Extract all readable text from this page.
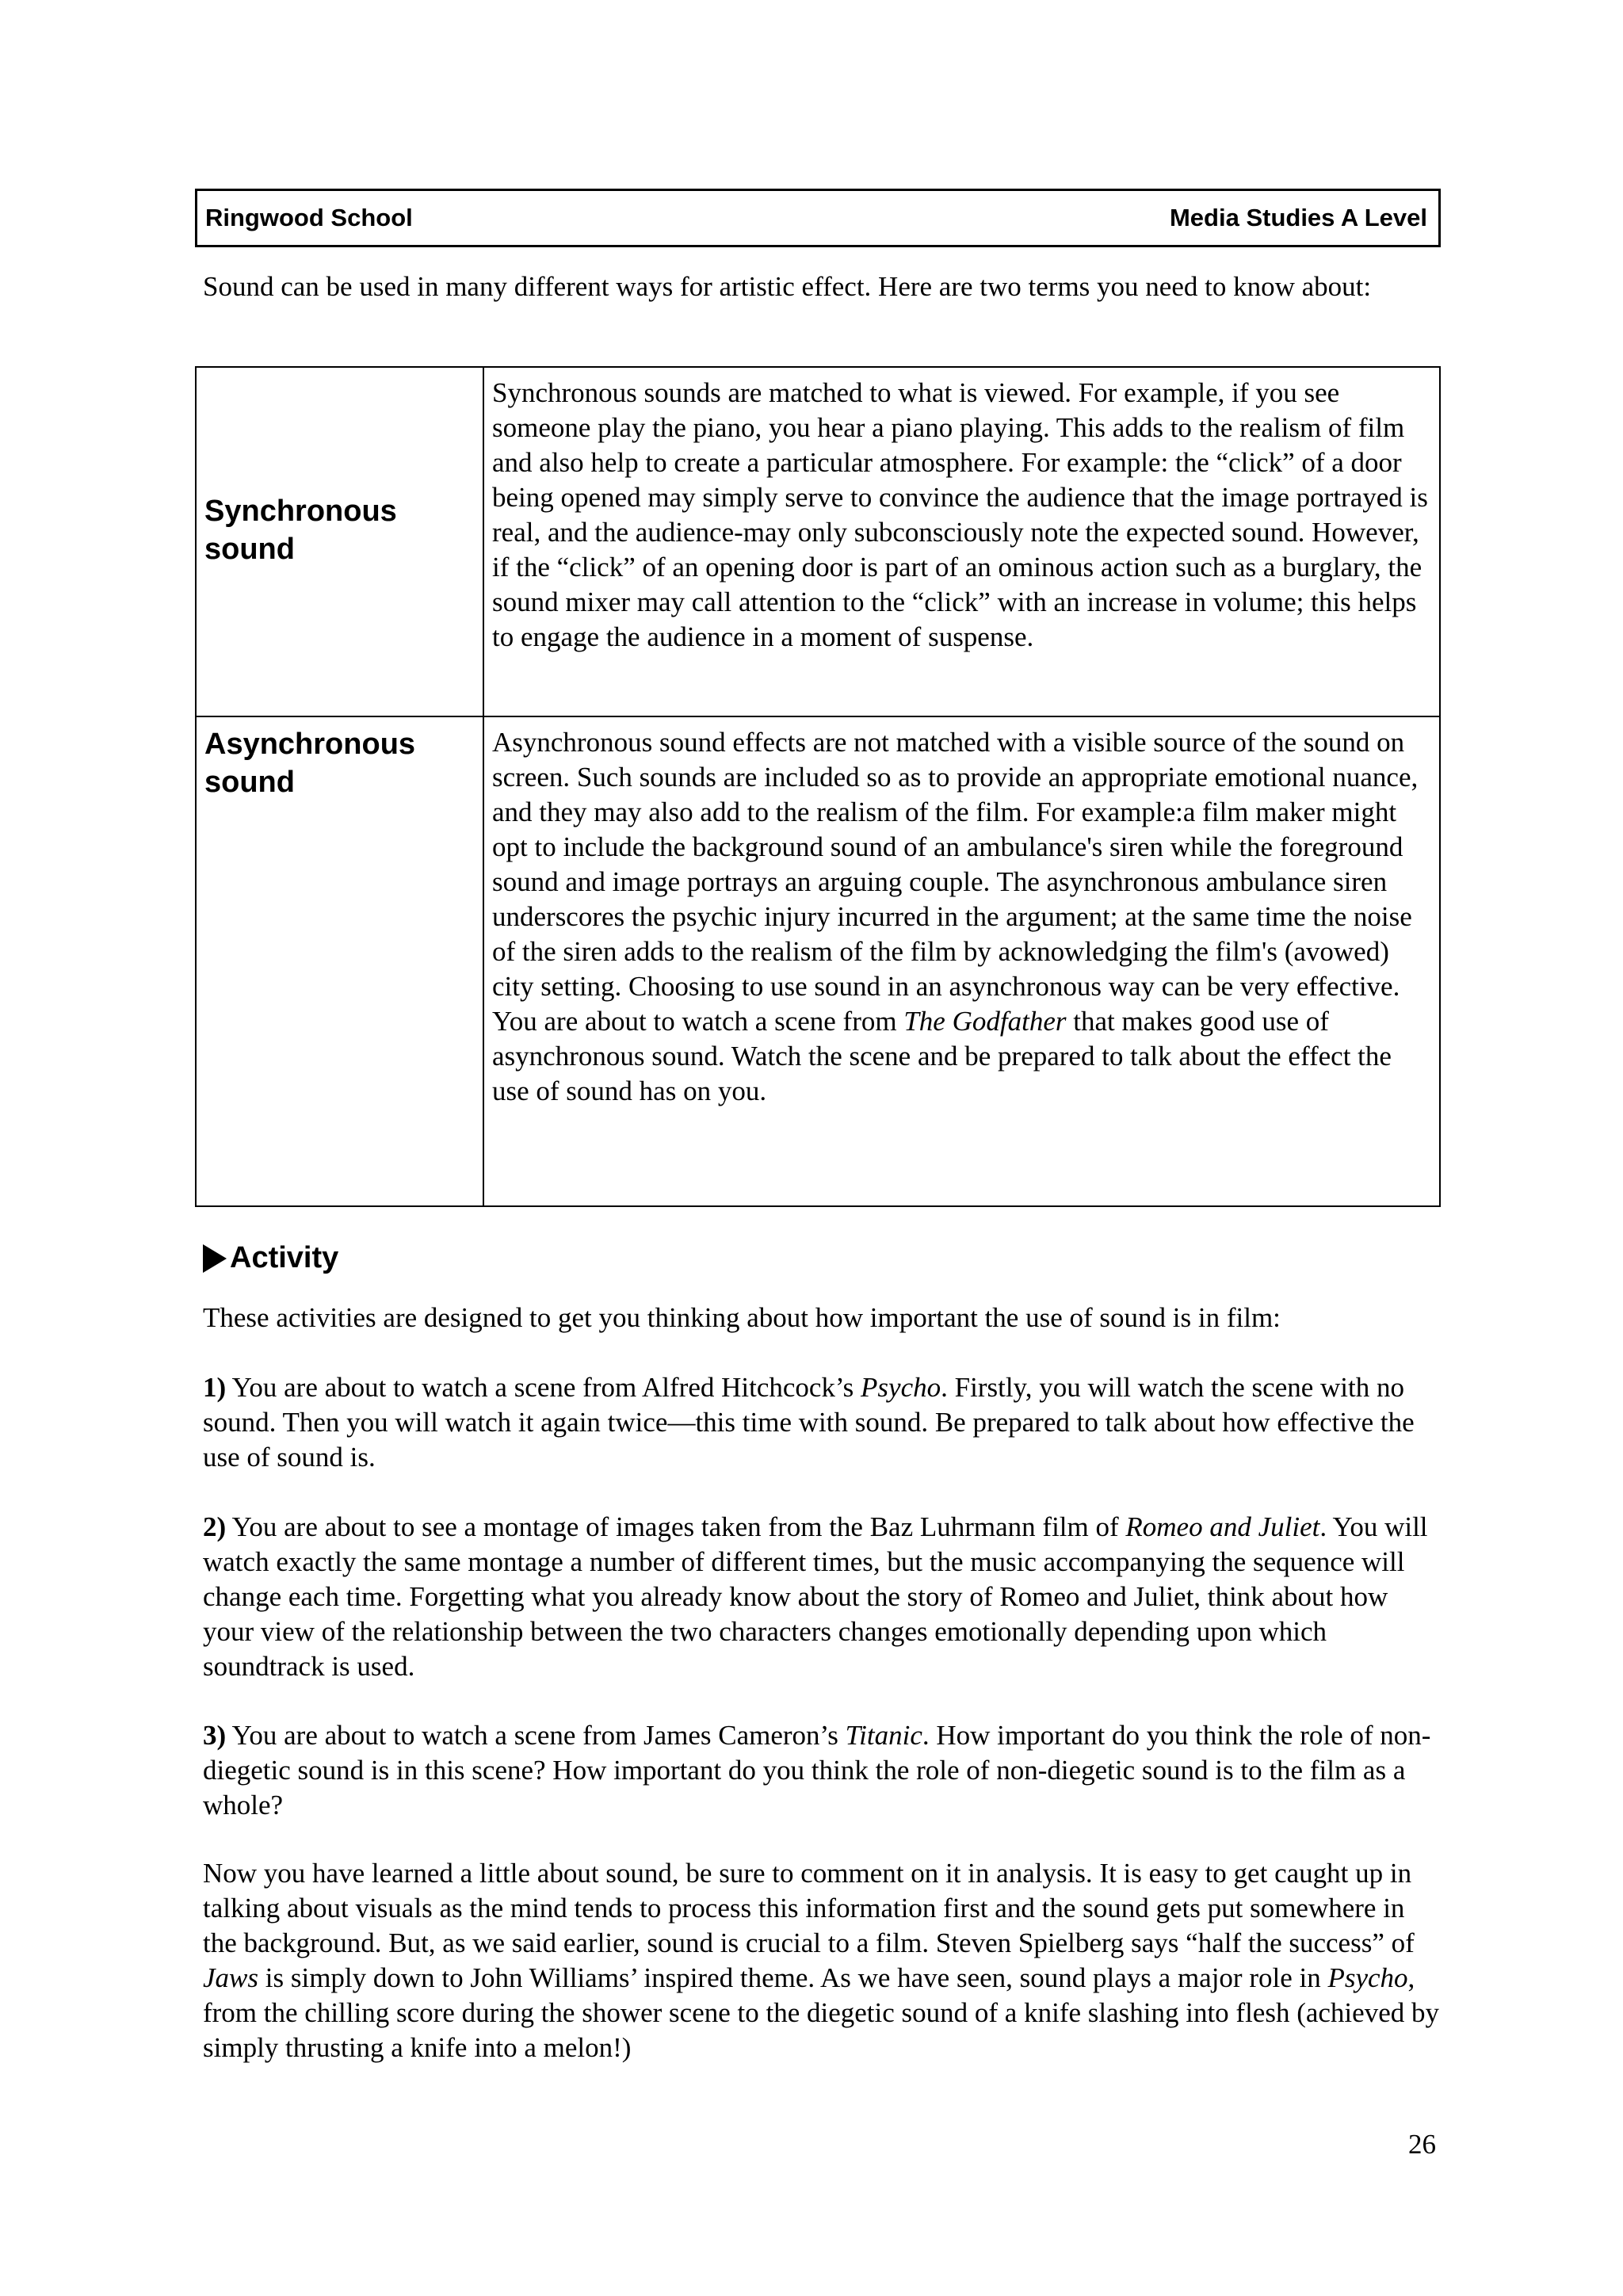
Ringwood School	Media Studies A Level
Sound can be used in many different ways for artistic effect. Here are two terms you need to know about:
Synchronous sound	Synchronous sounds are matched to what is viewed. For example, if you see someone play the piano, you hear a piano playing. This adds to the realism of film and also help to create a particular atmosphere. For example: the “click” of a door being opened may simply serve to convince the audience that the image portrayed is real, and the audience-may only subconsciously note the expected sound. However, if the “click” of an opening door is part of an ominous action such as a burglary, the sound mixer may call attention to the “click” with an increase in volume; this helps to engage the audience in a moment of suspense.
Asynchronous sound	Asynchronous sound effects are not matched with a visible source of the sound on screen. Such sounds are included so as to provide an appropriate emotional nuance, and they may also add to the realism of the film. For example:a film maker might opt to include the background sound of an ambulance's siren while the foreground sound and image portrays an arguing couple. The asynchronous ambulance siren underscores the psychic injury incurred in the argument; at the same time the noise of the siren adds to the realism of the film by acknowledging the film's (avowed) city setting. Choosing to use sound in an asynchronous way can be very effective. You are about to watch a scene from The Godfather that makes good use of asynchronous sound. Watch the scene and be prepared to talk about the effect the use of sound has on you.
Activity
These activities are designed to get you thinking about how important the use of sound is in film:
1) You are about to watch a scene from Alfred Hitchcock’s Psycho. Firstly, you will watch the scene with no sound. Then you will watch it again twice—this time with sound. Be prepared to talk about how effective the use of sound is.
2) You are about to see a montage of images taken from the Baz Luhrmann film of Romeo and Juliet. You will watch exactly the same montage a number of different times, but the music accompanying the sequence will change each time. Forgetting what you already know about the story of Romeo and Juliet, think about how your view of the relationship between the two characters changes emotionally depending upon which soundtrack is used.
3) You are about to watch a scene from James Cameron’s Titanic. How important do you think the role of non-diegetic sound is in this scene? How important do you think the role of non-diegetic sound is to the film as a whole?
Now you have learned a little about sound, be sure to comment on it in analysis. It is easy to get caught up in talking about visuals as the mind tends to process this information first and the sound gets put somewhere in the background. But, as we said earlier, sound is crucial to a film. Steven Spielberg says “half the success” of Jaws is simply down to John Williams’ inspired theme. As we have seen, sound plays a major role in Psycho, from the chilling score during the shower scene to the diegetic sound of a knife slashing into flesh (achieved by simply thrusting a knife into a melon!)
26
